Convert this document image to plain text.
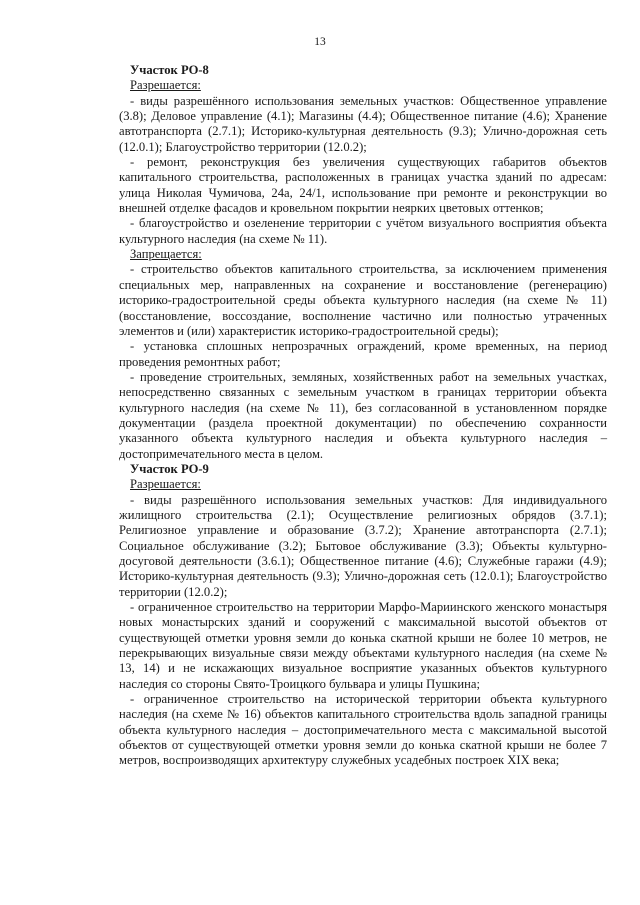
13

Участок РО-8

Разрешается:

- виды разрешённого использования земельных участков: Общественное управление (3.8); Деловое управление (4.1); Магазины (4.4); Общественное питание (4.6); Хранение автотранспорта (2.7.1); Историко-культурная деятельность (9.3); Улично-дорожная сеть (12.0.1); Благоустройство территории (12.0.2);

- ремонт, реконструкция без увеличения существующих габаритов объектов капитального строительства, расположенных в границах участка зданий по адресам: улица Николая Чумичова, 24а, 24/1, использование при ремонте и реконструкции во внешней отделке фасадов и кровельном покрытии неярких цветовых оттенков;

- благоустройство и озеленение территории с учётом визуального восприятия объекта культурного наследия (на схеме № 11).

Запрещается:

- строительство объектов капитального строительства, за исключением применения специальных мер, направленных на сохранение и восстановление (регенерацию) историко-градостроительной среды объекта культурного наследия (на схеме № 11) (восстановление, воссоздание, восполнение частично или полностью утраченных элементов и (или) характеристик историко-градостроительной среды);

- установка сплошных непрозрачных ограждений, кроме временных, на период проведения ремонтных работ;

- проведение строительных, земляных, хозяйственных работ на земельных участках, непосредственно связанных с земельным участком в границах территории объекта культурного наследия (на схеме № 11), без согласованной в установленном порядке документации (раздела проектной документации) по обеспечению сохранности указанного объекта культурного наследия и объекта культурного наследия – достопримечательного места в целом.

Участок РО-9

Разрешается:

- виды разрешённого использования земельных участков: Для индивидуального жилищного строительства (2.1); Осуществление религиозных обрядов (3.7.1); Религиозное управление и образование (3.7.2); Хранение автотранспорта (2.7.1); Социальное обслуживание (3.2); Бытовое обслуживание (3.3); Объекты культурно-досуговой деятельности (3.6.1); Общественное питание (4.6); Служебные гаражи (4.9); Историко-культурная деятельность (9.3); Улично-дорожная сеть (12.0.1); Благоустройство территории (12.0.2);

- ограниченное строительство на территории Марфо-Мариинского женского монастыря новых монастырских зданий и сооружений с максимальной высотой объектов от существующей отметки уровня земли до конька скатной крыши не более 10 метров, не перекрывающих визуальные связи между объектами культурного наследия (на схеме № 13, 14) и не искажающих визуальное восприятие указанных объектов культурного наследия со стороны Свято-Троицкого бульвара и улицы Пушкина;

- ограниченное строительство на исторической территории объекта культурного наследия (на схеме № 16) объектов капитального строительства вдоль западной границы объекта культурного наследия – достопримечательного места с максимальной высотой объектов от существующей отметки уровня земли до конька скатной крыши не более 7 метров, воспроизводящих архитектуру служебных усадебных построек XIX века;
